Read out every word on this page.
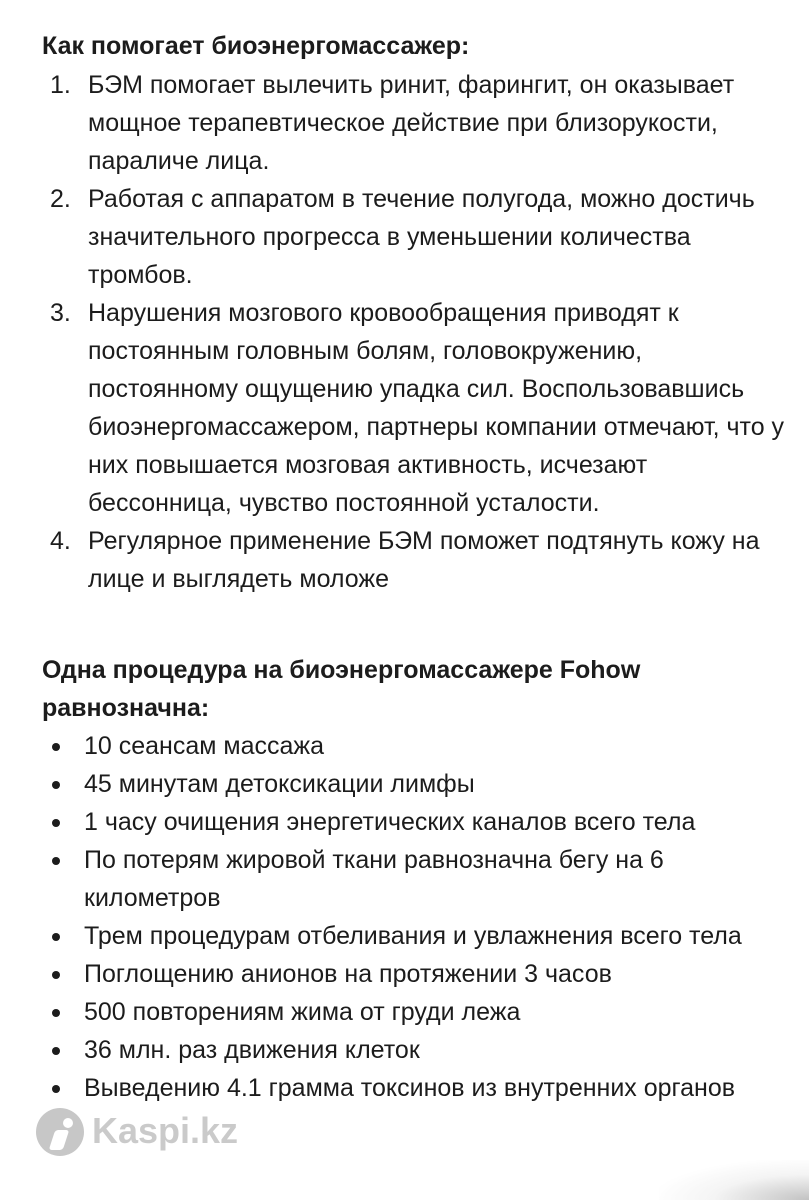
Как помогает биоэнергомассажер:

1. БЭМ помогает вылечить ринит, фарингит, он оказывает мощное терапевтическое действие при близорукости, параличе лица.
2. Работая с аппаратом в течение полугода, можно достичь значительного прогресса в уменьшении количества тромбов.
3. Нарушения мозгового кровообращения приводят к постоянным головным болям, головокружению, постоянному ощущению упадка сил. Воспользовавшись биоэнергомассажером, партнеры компании отмечают, что у них повышается мозговая активность, исчезают бессонница, чувство постоянной усталости.
4. Регулярное применение БЭМ поможет подтянуть кожу на лице и выглядеть моложе

Одна процедура на биоэнергомассажере Fohow равнозначна:

10 сеансам массажа
45 минутам детоксикации лимфы
1 часу очищения энергетических каналов всего тела
По потерям жировой ткани равнозначна бегу на 6 километров
Трем процедурам отбеливания и увлажнения всего тела
Поглощению анионов на протяжении 3 часов
500 повторениям жима от груди лежа
36 млн. раз движения клеток
Выведению 4.1 грамма токсинов из внутренних органов
Kaspi.kz
